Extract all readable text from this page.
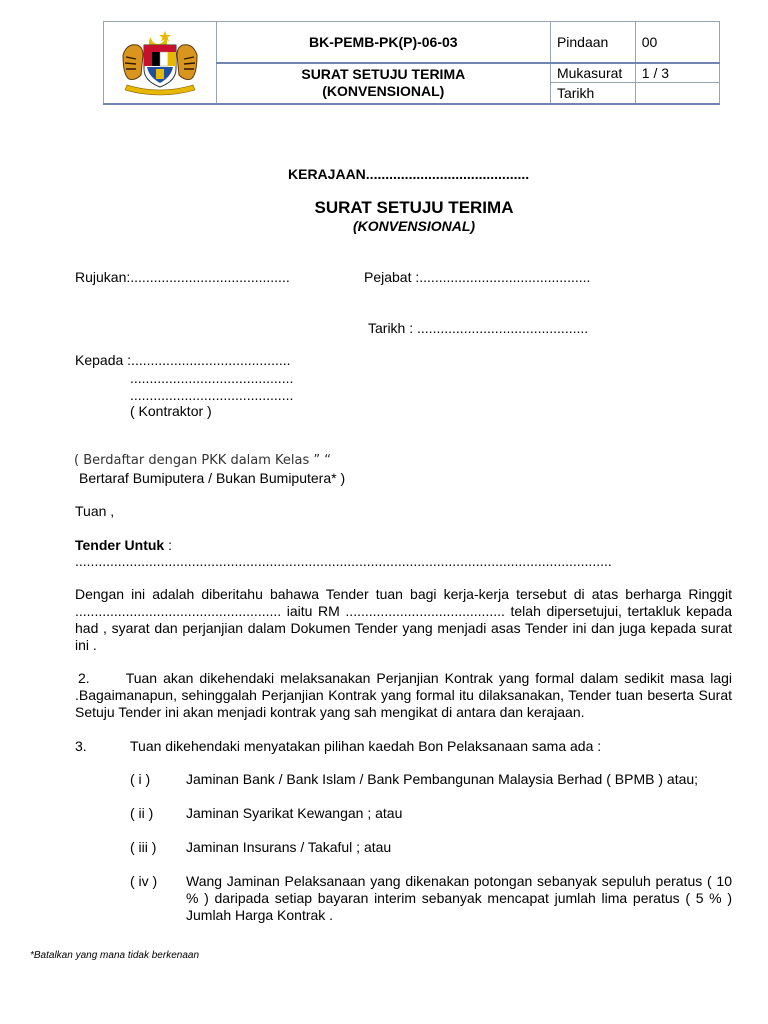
	BK-PEMB-PK(P)-06-03	Pindaan	00

	SURAT SETUJU TERIMA
(KONVENSIONAL)	Mukasurat	1 / 3
		Tarikh	
KERAJAAN..........................................
SURAT SETUJU TERIMA
(KONVENSIONAL)
Rujukan:.........................................	Pejabat :............................................
Tarikh : ............................................
Kepada :.........................................
..........................................
..........................................
( Kontraktor )
( Berdaftar dengan PKK dalam Kelas ” “
Bertaraf Bumiputera / Bukan Bumiputera* )
Tuan ,
Tender Untuk :
..........................................................................................................................................
Dengan ini adalah diberitahu bahawa Tender tuan bagi kerja-kerja tersebut di atas berharga Ringgit ..................................................... iaitu RM ......................................... telah dipersetujui, tertakluk kepada had , syarat dan perjanjian dalam Dokumen Tender yang menjadi asas Tender ini dan juga kepada surat ini .
2.	Tuan akan dikehendaki melaksanakan Perjanjian Kontrak yang formal dalam sedikit masa lagi .Bagaimanapun, sehinggalah Perjanjian Kontrak yang formal itu dilaksanakan, Tender tuan beserta Surat Setuju Tender ini akan menjadi kontrak yang sah mengikat di antara dan kerajaan.
3.	Tuan dikehendaki menyatakan pilihan kaedah Bon Pelaksanaan sama ada :
( i )	Jaminan Bank / Bank Islam / Bank Pembangunan Malaysia Berhad ( BPMB ) atau;
( ii ) Jaminan Syarikat Kewangan ; atau
( iii ) Jaminan Insurans / Takaful ; atau
( iv ) Wang Jaminan Pelaksanaan yang dikenakan potongan sebanyak sepuluh peratus ( 10 % ) daripada setiap bayaran interim sebanyak mencapat jumlah lima peratus ( 5 % ) Jumlah Harga Kontrak .
*Batalkan yang mana tidak berkenaan
